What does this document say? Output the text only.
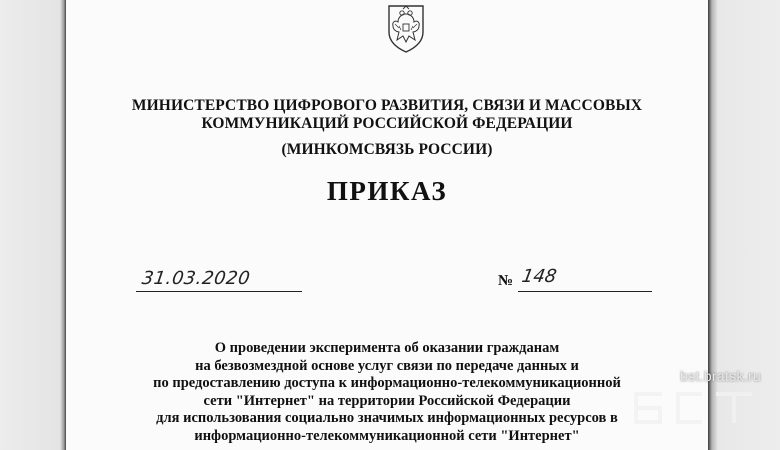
МИНИСТЕРСТВО ЦИФРОВОГО РАЗВИТИЯ, СВЯЗИ И МАССОВЫХ

КОММУНИКАЦИЙ РОССИЙСКОЙ ФЕДЕРАЦИИ

(МИНКОМСВЯЗЬ РОССИИ)

ПРИКАЗ
31.03.2020	№ 148

О проведении эксперимента об оказании гражданам
на безвозмездной основе услуг связи по передаче данных и
по предоставлению доступа к информационно-телекоммуникационной
сети "Интернет" на территории Российской Федерации
для использования социально значимых информационных ресурсов в
информационно-телекоммуникационной сети "Интернет"

bst.bratsk.ru
